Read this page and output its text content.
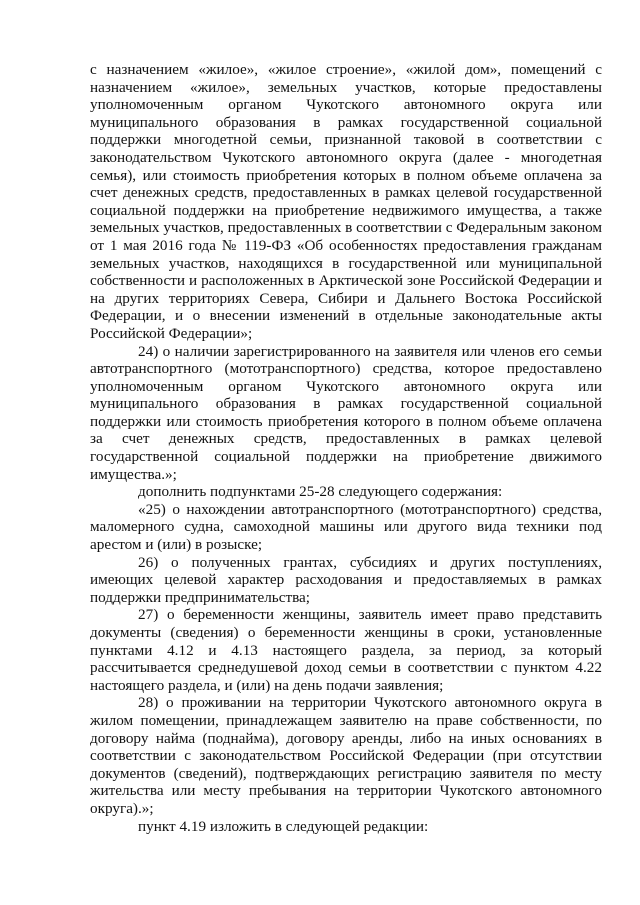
с назначением «жилое», «жилое строение», «жилой дом», помещений с назначением «жилое», земельных участков, которые предоставлены уполномоченным органом Чукотского автономного округа или муниципального образования в рамках государственной социальной поддержки многодетной семьи, признанной таковой в соответствии с законодательством Чукотского автономного округа (далее - многодетная семья), или стоимость приобретения которых в полном объеме оплачена за счет денежных средств, предоставленных в рамках целевой государственной социальной поддержки на приобретение недвижимого имущества, а также земельных участков, предоставленных в соответствии с Федеральным законом от 1 мая 2016 года № 119-ФЗ «Об особенностях предоставления гражданам земельных участков, находящихся в государственной или муниципальной собственности и расположенных в Арктической зоне Российской Федерации и на других территориях Севера, Сибири и Дальнего Востока Российской Федерации, и о внесении изменений в отдельные законодательные акты Российской Федерации»;

24) о наличии зарегистрированного на заявителя или членов его семьи автотранспортного (мототранспортного) средства, которое предоставлено уполномоченным органом Чукотского автономного округа или муниципального образования в рамках государственной социальной поддержки или стоимость приобретения которого в полном объеме оплачена за счет денежных средств, предоставленных в рамках целевой государственной социальной поддержки на приобретение движимого имущества.»;

дополнить подпунктами 25-28 следующего содержания:

«25) о нахождении автотранспортного (мототранспортного) средства, маломерного судна, самоходной машины или другого вида техники под арестом и (или) в розыске;

26) о полученных грантах, субсидиях и других поступлениях, имеющих целевой характер расходования и предоставляемых в рамках поддержки предпринимательства;

27) о беременности женщины, заявитель имеет право представить документы (сведения) о беременности женщины в сроки, установленные пунктами 4.12 и 4.13 настоящего раздела, за период, за который рассчитывается среднедушевой доход семьи в соответствии с пунктом 4.22 настоящего раздела, и (или) на день подачи заявления;

28) о проживании на территории Чукотского автономного округа в жилом помещении, принадлежащем заявителю на праве собственности, по договору найма (поднайма), договору аренды, либо на иных основаниях в соответствии с законодательством Российской Федерации (при отсутствии документов (сведений), подтверждающих регистрацию заявителя по месту жительства или месту пребывания на территории Чукотского автономного округа).»;

пункт 4.19 изложить в следующей редакции:
